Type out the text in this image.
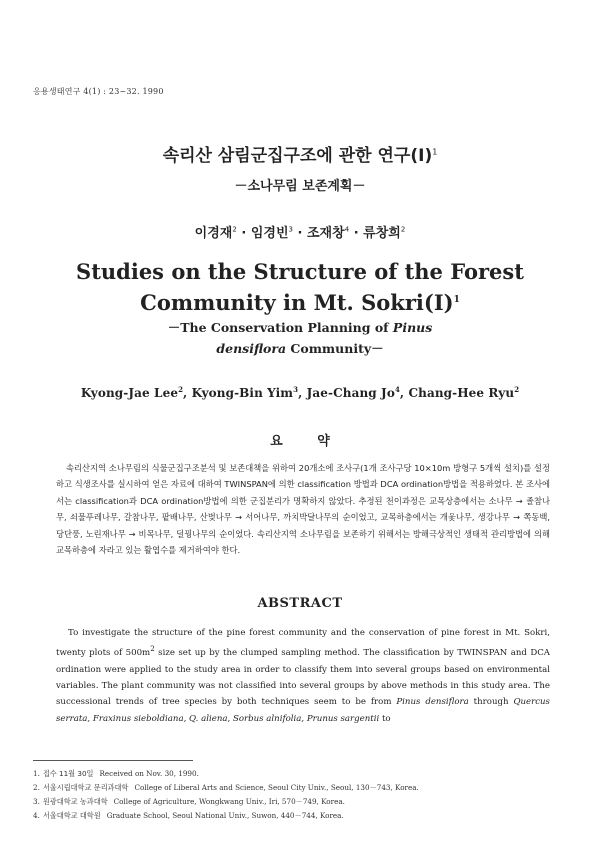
응용생태연구 4(1) : 23~32. 1990
속리산 삼림군집구조에 관한 연구$(I)^1$
－소나무림 보존계획－
이경재$^2$ · 임경빈$^3$ · 조재창$^4$ · 류창희$^2$
Studies on the Structure of the Forest
Community in Mt. $Sokri(I)^1$
－The Conservation Planning of Pinus
densiflora Community－
Kyong-Jae Lee$^2$, Kyong-Bin Yim$^3$, Jae-Chang Jo$^4$, Chang-Hee Ryu$^2$
요 약

속리산지역 소나무림의 식물군집구조분석 및 보존대책을 위하여 20개소에 조사구(1개 조사구당 10×10m 방형구 5개씩 설치)를 설정하고 식생조사를 실시하여 얻은 자료에 대하여 TWINSPAN에 의한 classification 방법과 DCA ordination방법을 적용하였다. 본 조사에서는 classification과 DCA ordination방법에 의한 군집분리가 명확하지 않았다. 추정된 천이과정은 교목상층에서는 소나무 → 졸참나무, 쇠물푸레나무, 갈참나무, 팥배나무, 산벚나무 → 서어나무, 까치박달나무의 순이었고, 교목하층에서는 개옻나무, 생강나무 → 쪽동백, 당단풍, 노린재나무 → 비목나무, 덜꿩나무의 순이었다. 속리산지역 소나무림을 보존하기 위해서는 방해극상적인 생태적 관리방법에 의해 교목하층에 자라고 있는 활엽수를 제거하여야 한다.

ABSTRACT

To investigate the structure of the pine forest community and the conservation of pine forest in Mt. Sokri, twenty plots of $500m^2$ size set up by the clumped sampling method. The classification by TWINSPAN and DCA ordination were applied to the study area in order to classify them into several groups based on environmental variables. The plant community was not classified into several groups by above methods in this study area. The successional trends of tree species by both techniques seem to be from Pinus densiflora through Quercus serrata, Fraxinus sieboldiana, Q. aliena, Sorbus alnifolia, Prunus sargentii to

1. 접수 11월 30일 Received on Nov. 30, 1990.
2. 서울시립대학교 문리과대학 College of Liberal Arts and Science, Seoul City Univ., Seoul, 130－743, Korea.
3. 원광대학교 농과대학 College of Agriculture, Wongkwang Univ., Iri, 570－749, Korea.
4. 서울대학교 대학원 Graduate School, Seoul National Univ., Suwon, 440－744, Korea.
